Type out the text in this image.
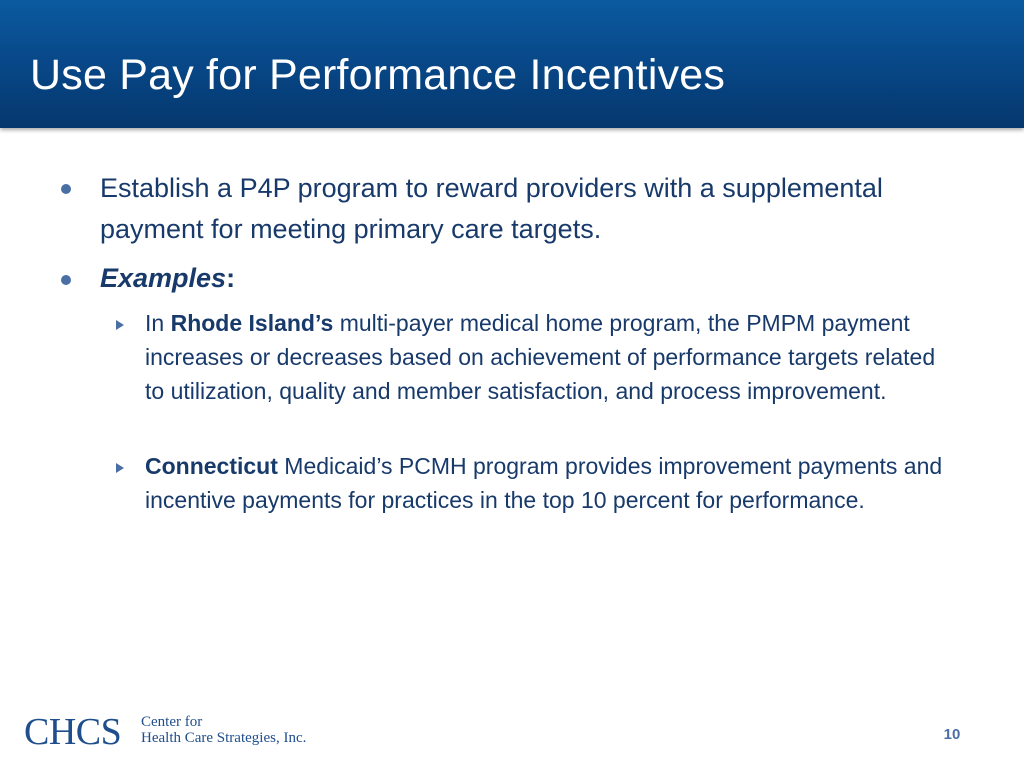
Use Pay for Performance Incentives

Establish a P4P program to reward providers with a supplemental payment for meeting primary care targets.

Examples:

In Rhode Island’s multi-payer medical home program, the PMPM payment increases or decreases based on achievement of performance targets related to utilization, quality and member satisfaction, and process improvement.

Connecticut Medicaid’s PCMH program provides improvement payments and incentive payments for practices in the top 10 percent for performance.

CHCS Center for
Health Care Strategies, Inc.	10
